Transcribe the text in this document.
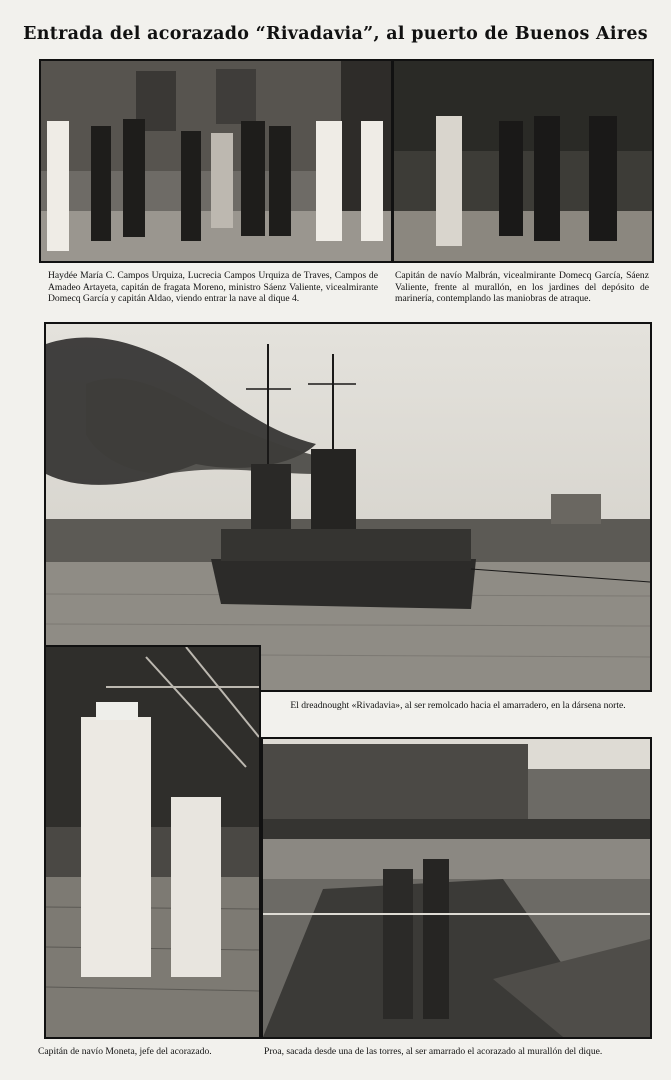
Entrada del acorazado “Rivadavia”, al puerto de Buenos Aires
Haydée María C. Campos Urquiza, Lucrecia Campos Urquiza de Traves, Campos de Amadeo Artayeta, capitán de fragata Moreno, ministro Sáenz Valiente, vicealmirante Domecq García y capitán Aldao, viendo entrar la nave al dique 4.
Capitán de navío Malbrán, vicealmirante Domecq García, Sáenz Valiente, frente al murallón, en los jardines del depósito de marinería, contemplando las maniobras de atraque.
El dreadnought «Rivadavia», al ser remolcado hacia el amarradero, en la dársena norte.
Capitán de navío Moneta, jefe del acorazado.	Proa, sacada desde una de las torres, al ser amarrado el acorazado al murallón del dique.
